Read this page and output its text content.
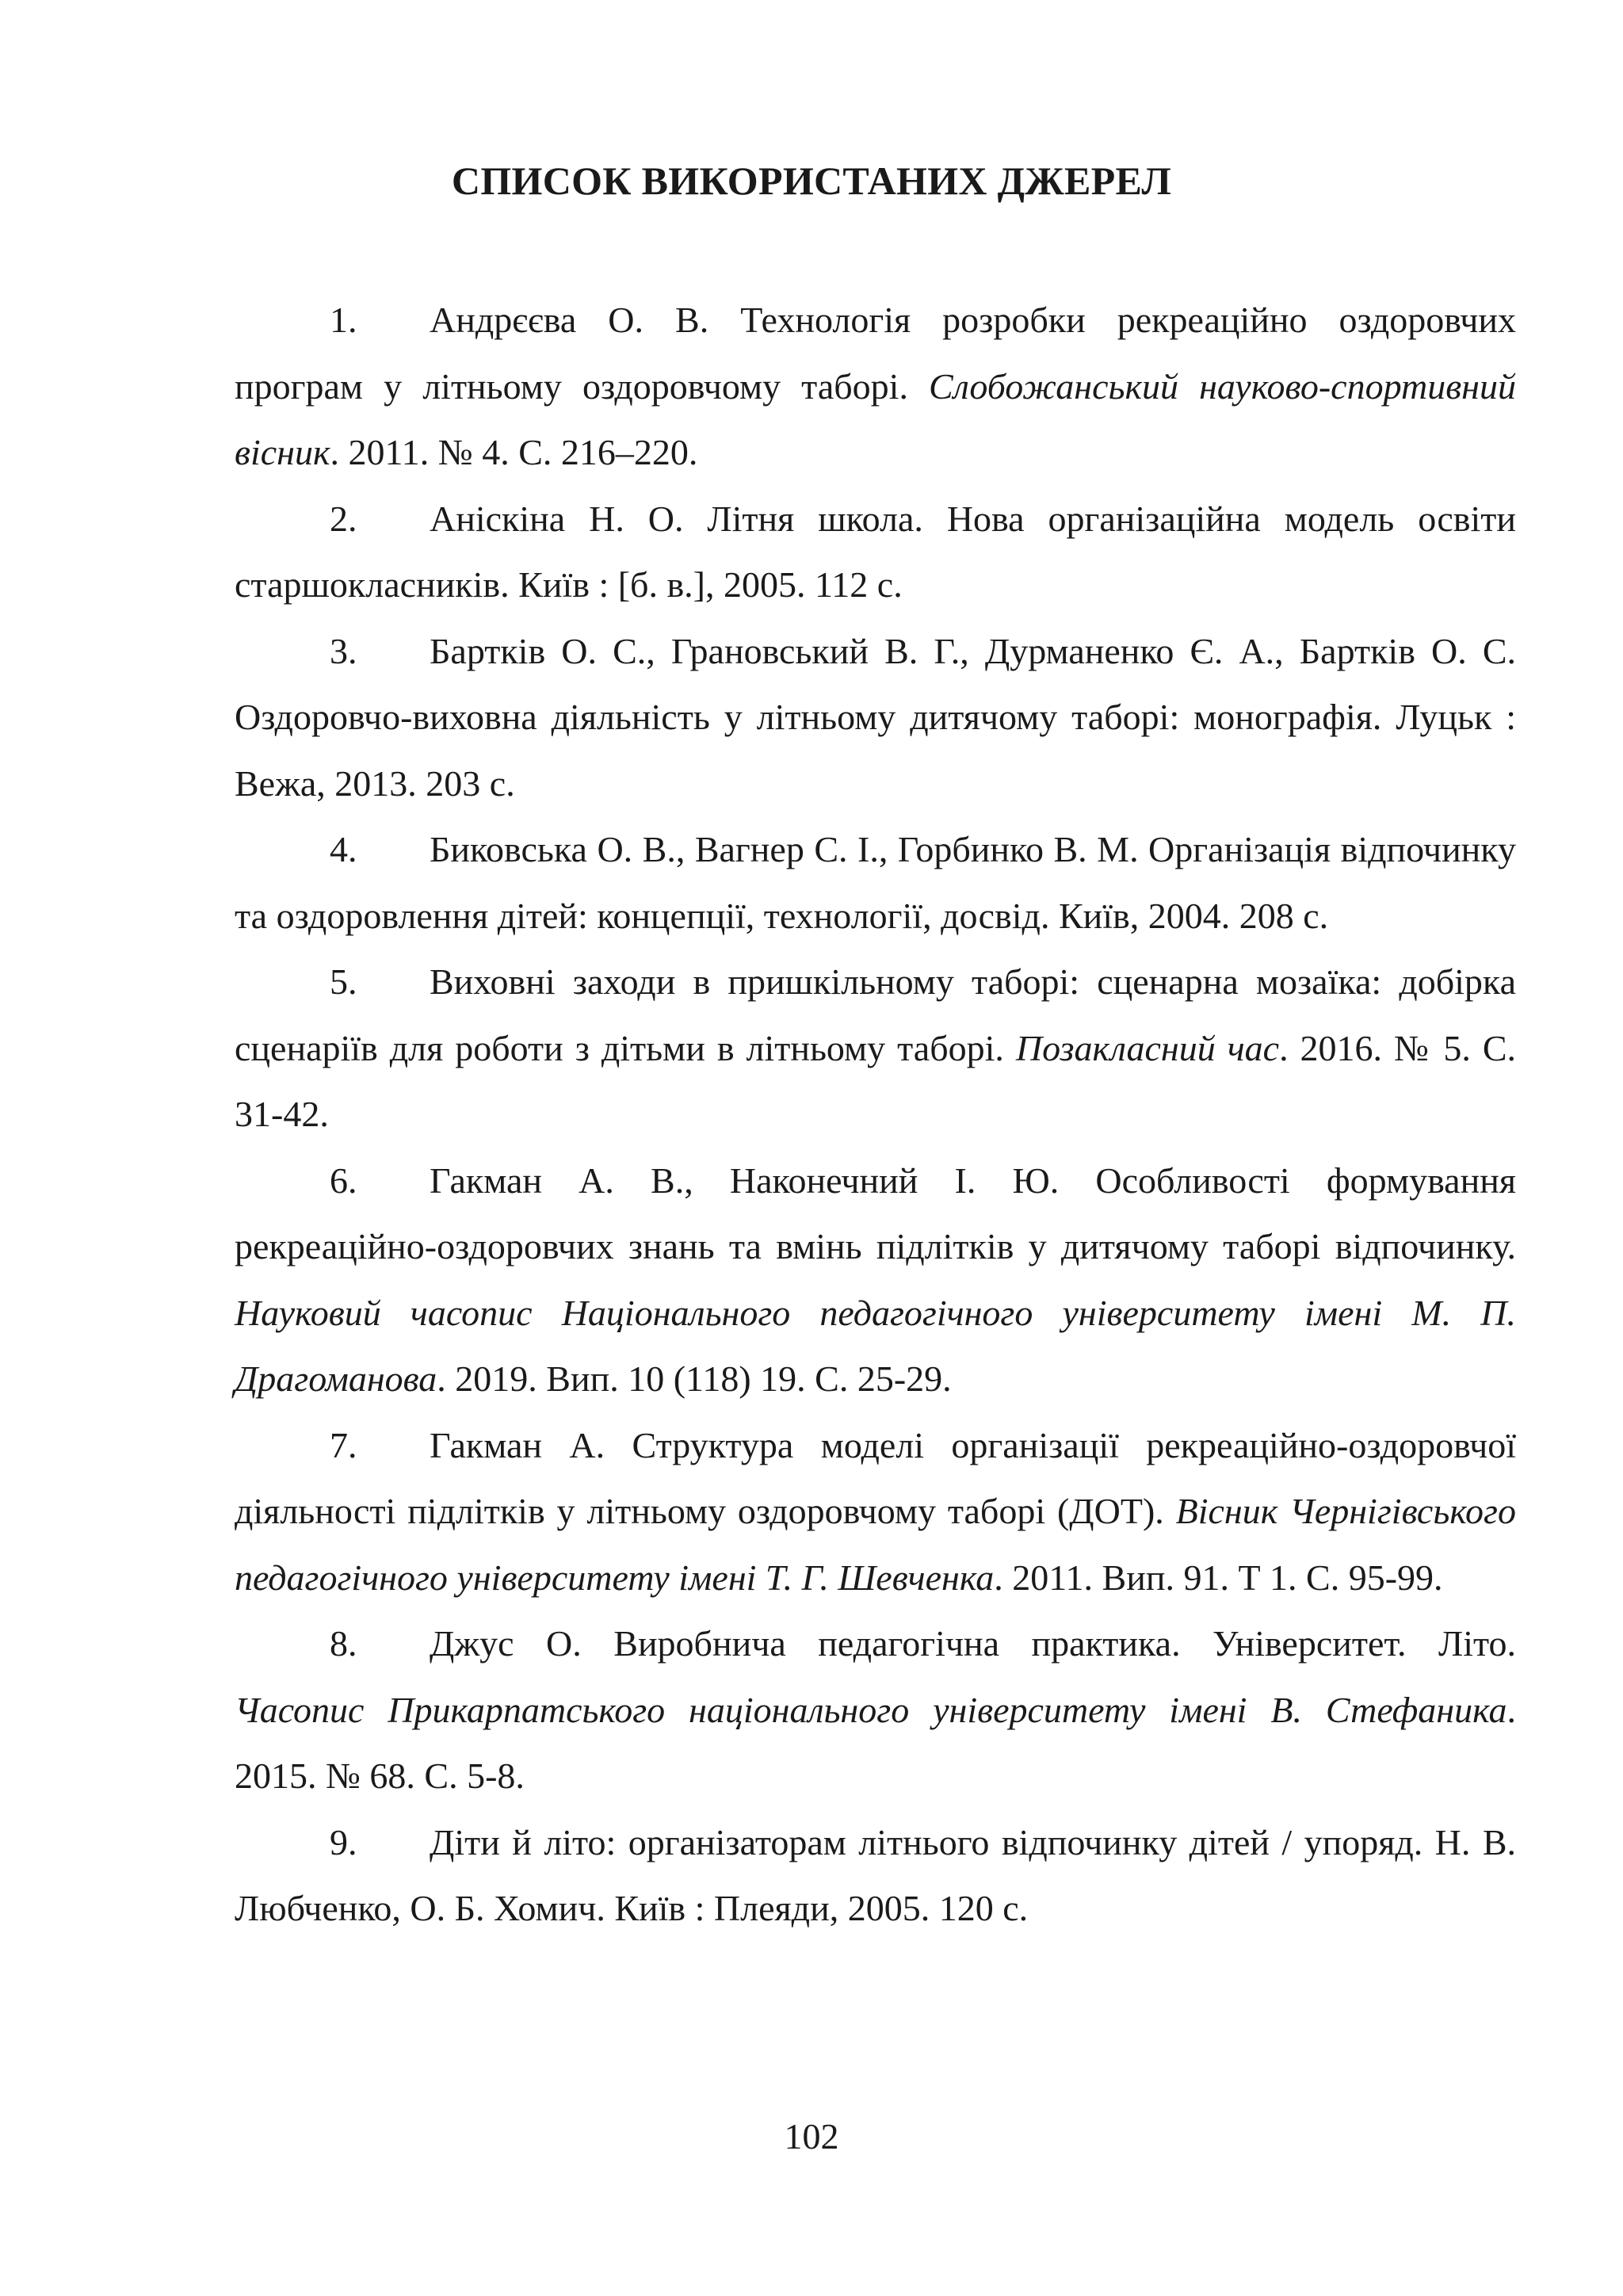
СПИСОК ВИКОРИСТАНИХ ДЖЕРЕЛ
1. Андрєєва О. В. Технологія розробки рекреаційно оздоровчих програм у літньому оздоровчому таборі. Слобожанський науково-спортивний вісник. 2011. № 4. С. 216–220.
2. Аніскіна Н. О. Літня школа. Нова організаційна модель освіти старшокласників. Київ : [б. в.], 2005. 112 с.
3. Бартків О. С., Грановський В. Г., Дурманенко Є. А., Бартків О. С. Оздоровчо-виховна діяльність у літньому дитячому таборі: монографія. Луцьк : Вежа, 2013. 203 с.
4. Биковська О. В., Вагнер С. І., Горбинко В. М. Організація відпочинку та оздоровлення дітей: концепції, технології, досвід. Київ, 2004. 208 с.
5. Виховні заходи в пришкільному таборі: сценарна мозаїка: добірка сценаріїв для роботи з дітьми в літньому таборі. Позакласний час. 2016. № 5. С. 31-42.
6. Гакман А. В., Наконечний І. Ю. Особливості формування рекреаційно-оздоровчих знань та вмінь підлітків у дитячому таборі відпочинку. Науковий часопис Національного педагогічного університету імені М. П. Драгоманова. 2019. Вип. 10 (118) 19. С. 25-29.
7. Гакман А. Структура моделі організації рекреаційно-оздоровчої діяльності підлітків у літньому оздоровчому таборі (ДОТ). Вісник Чернігівського педагогічного університету імені Т. Г. Шевченка. 2011. Вип. 91. Т 1. С. 95-99.
8. Джус О. Виробнича педагогічна практика. Університет. Літо. Часопис Прикарпатського національного університету імені В. Стефаника. 2015. № 68. С. 5-8.
9. Діти й літо: організаторам літнього відпочинку дітей / упоряд. Н. В. Любченко, О. Б. Хомич. Київ : Плеяди, 2005. 120 с.
102
